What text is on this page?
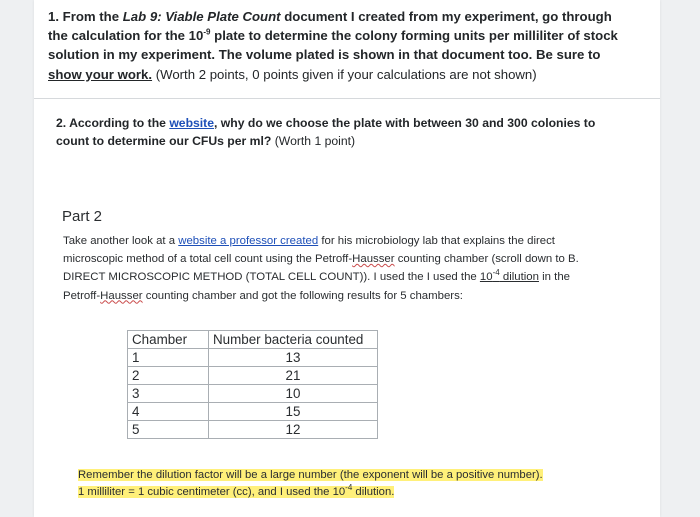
1. From the Lab 9: Viable Plate Count document I created from my experiment, go through the calculation for the $10^{-9}$ plate to determine the colony forming units per milliliter of stock solution in my experiment. The volume plated is shown in that document too. Be sure to show your work. (Worth 2 points, 0 points given if your calculations are not shown)
2. According to the website, why do we choose the plate with between 30 and 300 colonies to count to determine our CFUs per ml? (Worth 1 point)
Part 2
Take another look at a website a professor created for his microbiology lab that explains the direct microscopic method of a total cell count using the Petroff-Hausser counting chamber (scroll down to B. DIRECT MICROSCOPIC METHOD (TOTAL CELL COUNT)). I used the I used the $10^{-4}$ dilution in the Petroff-Hausser counting chamber and got the following results for 5 chambers:
Chamber	Number bacteria counted
1	13
2	21
3	10
4	15
5	12
Remember the dilution factor will be a large number (the exponent will be a positive number).
1 milliliter = 1 cubic centimeter (cc), and I used the $10^{-4}$ dilution.
